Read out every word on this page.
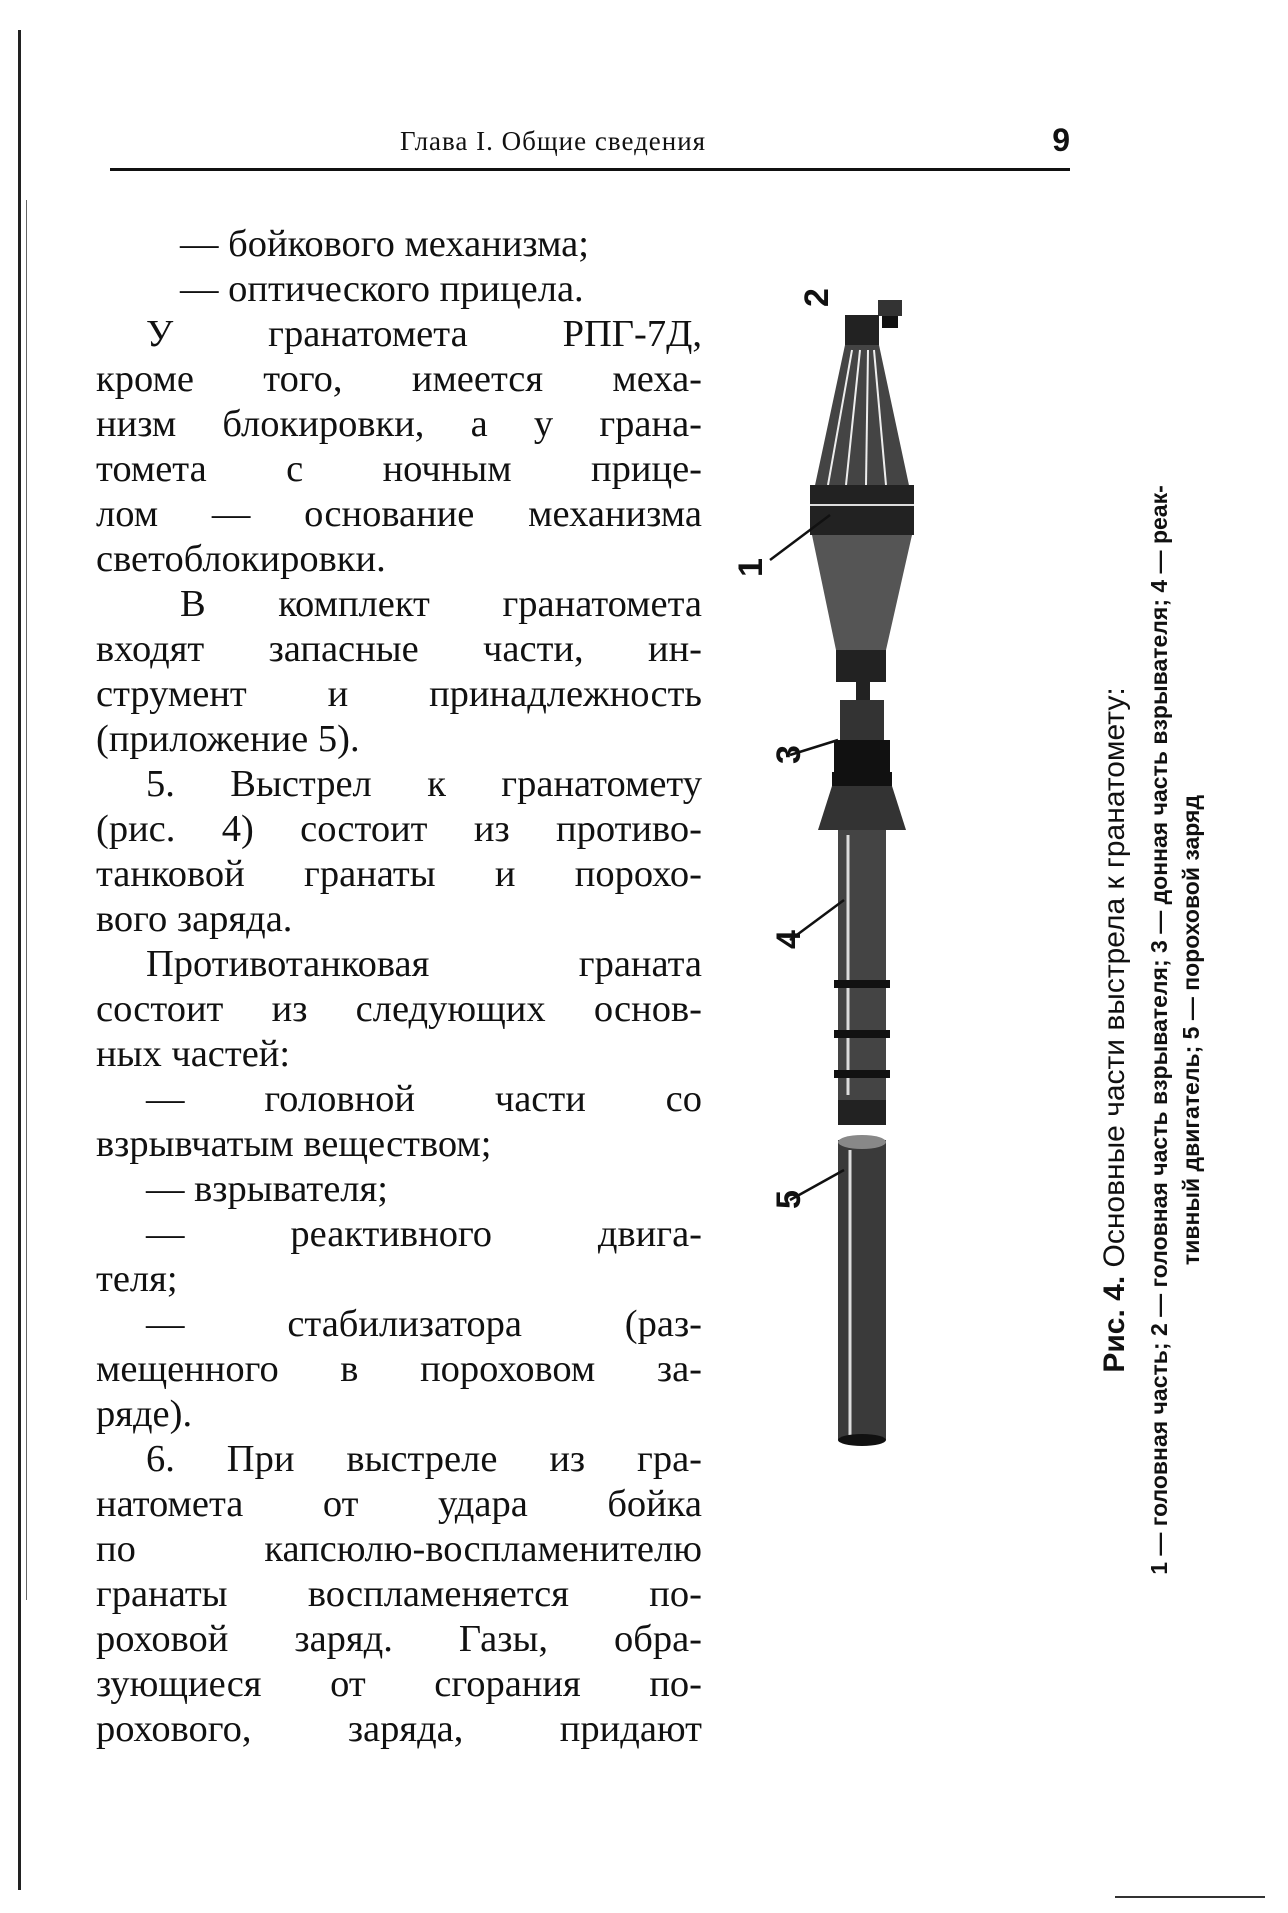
Глава I. Общие сведения	9

— бойкового механизма;

— оптического прицела.

У гранатомета РПГ-7Д,

кроме того, имеется меха-

низм блокировки, а у грана-

томета с ночным прице-

лом — основание механизма

светоблокировки.

В комплект гранатомета

входят запасные части, ин-

струмент и принадлежность

(приложение 5).

5. Выстрел к гранатомету

(рис. 4) состоит из противо-

танковой гранаты и порохо-

вого заряда.

Противотанковая граната

состоит из следующих основ-

ных частей:

— головной части со

взрывчатым веществом;

— взрывателя;

— реактивного двига-

теля;

— стабилизатора (раз-

мещенного в пороховом за-

ряде).

6. При выстреле из гра-

натомета от удара бойка

по капсюлю-воспламенителю

гранаты воспламеняется по-

роховой заряд. Газы, обра-

зующиеся от сгорания по-

рохового, заряда, придают

2
1
3
4
5
Рис. 4. Основные части выстрела к гранатомету: 1 — головная часть; 2 — головная часть взрывателя; 3 — донная часть взрывателя; 4 — реак- тивный двигатель; 5 — пороховой заряд
